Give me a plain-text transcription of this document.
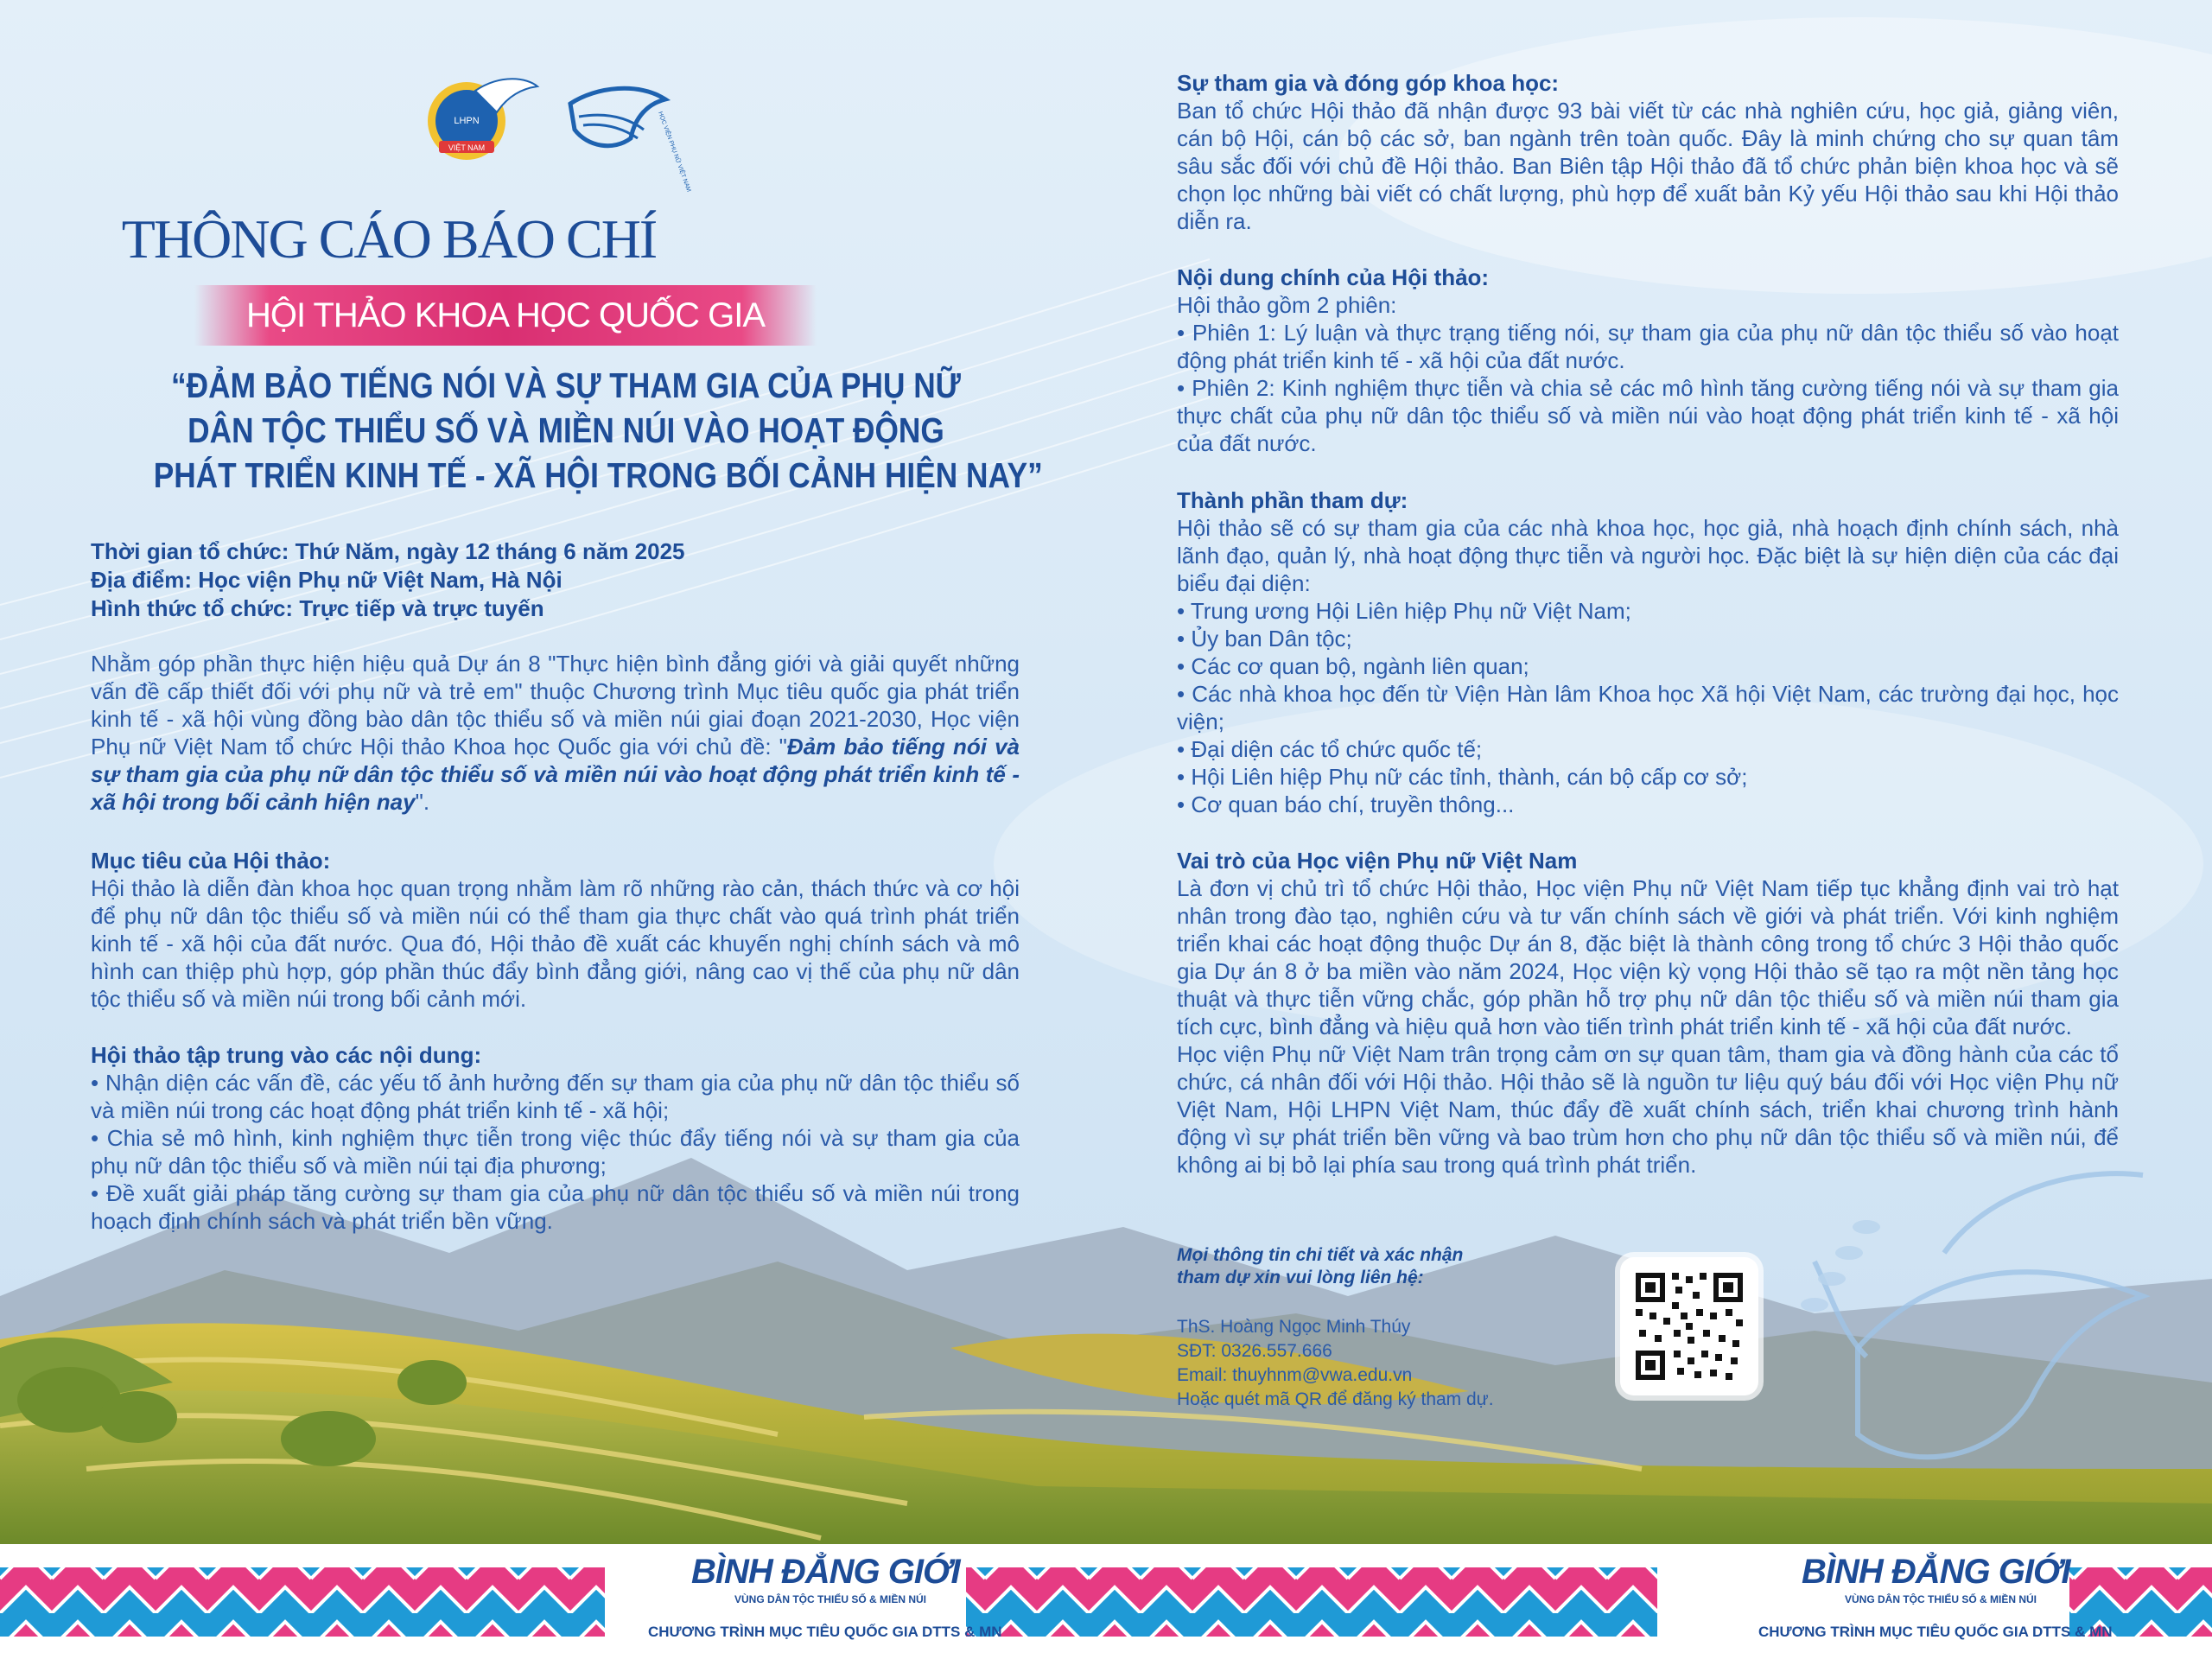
LHPN
VIỆT NAM	HỌC VIỆN PHỤ NỮ VIỆT NAM
THÔNG CÁO BÁO CHÍ
HỘI THẢO KHOA HỌC QUỐC GIA
“ĐẢM BẢO TIẾNG NÓI VÀ SỰ THAM GIA CỦA PHỤ NỮ
DÂN TỘC THIỂU SỐ VÀ MIỀN NÚI VÀO HOẠT ĐỘNG
PHÁT TRIỂN KINH TẾ - XÃ HỘI TRONG BỐI CẢNH HIỆN NAY”
Thời gian tổ chức: Thứ Năm, ngày 12 tháng 6 năm 2025
Địa điểm: Học viện Phụ nữ Việt Nam, Hà Nội
Hình thức tổ chức: Trực tiếp và trực tuyến
Nhằm góp phần thực hiện hiệu quả Dự án 8 "Thực hiện bình đẳng giới và giải quyết những vấn đề cấp thiết đối với phụ nữ và trẻ em" thuộc Chương trình Mục tiêu quốc gia phát triển kinh tế - xã hội vùng đồng bào dân tộc thiểu số và miền núi giai đoạn 2021-2030, Học viện Phụ nữ Việt Nam tổ chức Hội thảo Khoa học Quốc gia với chủ đề: "Đảm bảo tiếng nói và sự tham gia của phụ nữ dân tộc thiểu số và miền núi vào hoạt động phát triển kinh tế - xã hội trong bối cảnh hiện nay".
Mục tiêu của Hội thảo:
Hội thảo là diễn đàn khoa học quan trọng nhằm làm rõ những rào cản, thách thức và cơ hội để phụ nữ dân tộc thiểu số và miền núi có thể tham gia thực chất vào quá trình phát triển kinh tế - xã hội của đất nước. Qua đó, Hội thảo đề xuất các khuyến nghị chính sách và mô hình can thiệp phù hợp, góp phần thúc đẩy bình đẳng giới, nâng cao vị thế của phụ nữ dân tộc thiểu số và miền núi trong bối cảnh mới.
Hội thảo tập trung vào các nội dung:
• Nhận diện các vấn đề, các yếu tố ảnh hưởng đến sự tham gia của phụ nữ dân tộc thiểu số và miền núi trong các hoạt động phát triển kinh tế - xã hội;
• Chia sẻ mô hình, kinh nghiệm thực tiễn trong việc thúc đẩy tiếng nói và sự tham gia của phụ nữ dân tộc thiểu số và miền núi tại địa phương;
• Đề xuất giải pháp tăng cường sự tham gia của phụ nữ dân tộc thiểu số và miền núi trong hoạch định chính sách và phát triển bền vững.
Sự tham gia và đóng góp khoa học:
Ban tổ chức Hội thảo đã nhận được 93 bài viết từ các nhà nghiên cứu, học giả, giảng viên, cán bộ Hội, cán bộ các sở, ban ngành trên toàn quốc. Đây là minh chứng cho sự quan tâm sâu sắc đối với chủ đề Hội thảo. Ban Biên tập Hội thảo đã tổ chức phản biện khoa học và sẽ chọn lọc những bài viết có chất lượng, phù hợp để xuất bản Kỷ yếu Hội thảo sau khi Hội thảo diễn ra.
Nội dung chính của Hội thảo:
Hội thảo gồm 2 phiên:
• Phiên 1: Lý luận và thực trạng tiếng nói, sự tham gia của phụ nữ dân tộc thiểu số vào hoạt động phát triển kinh tế - xã hội của đất nước.
• Phiên 2: Kinh nghiệm thực tiễn và chia sẻ các mô hình tăng cường tiếng nói và sự tham gia thực chất của phụ nữ dân tộc thiểu số và miền núi vào hoạt động phát triển kinh tế - xã hội của đất nước.
Thành phần tham dự:
Hội thảo sẽ có sự tham gia của các nhà khoa học, học giả, nhà hoạch định chính sách, nhà lãnh đạo, quản lý, nhà hoạt động thực tiễn và người học. Đặc biệt là sự hiện diện của các đại biểu đại diện:
• Trung ương Hội Liên hiệp Phụ nữ Việt Nam;
• Ủy ban Dân tộc;
• Các cơ quan bộ, ngành liên quan;
• Các nhà khoa học đến từ Viện Hàn lâm Khoa học Xã hội Việt Nam, các trường đại học, học viện;
• Đại diện các tổ chức quốc tế;
• Hội Liên hiệp Phụ nữ các tỉnh, thành, cán bộ cấp cơ sở;
• Cơ quan báo chí, truyền thông...
Vai trò của Học viện Phụ nữ Việt Nam
Là đơn vị chủ trì tổ chức Hội thảo, Học viện Phụ nữ Việt Nam tiếp tục khẳng định vai trò hạt nhân trong đào tạo, nghiên cứu và tư vấn chính sách về giới và phát triển. Với kinh nghiệm triển khai các hoạt động thuộc Dự án 8, đặc biệt là thành công trong tổ chức 3 Hội thảo quốc gia Dự án 8 ở ba miền vào năm 2024, Học viện kỳ vọng Hội thảo sẽ tạo ra một nền tảng học thuật và thực tiễn vững chắc, góp phần hỗ trợ phụ nữ dân tộc thiểu số và miền núi tham gia tích cực, bình đẳng và hiệu quả hơn vào tiến trình phát triển kinh tế - xã hội của đất nước.
Học viện Phụ nữ Việt Nam trân trọng cảm ơn sự quan tâm, tham gia và đồng hành của các tổ chức, cá nhân đối với Hội thảo. Hội thảo sẽ là nguồn tư liệu quý báu đối với Học viện Phụ nữ Việt Nam, Hội LHPN Việt Nam, thúc đẩy đề xuất chính sách, triển khai chương trình hành động vì sự phát triển bền vững và bao trùm hơn cho phụ nữ dân tộc thiểu số và miền núi, để không ai bị bỏ lại phía sau trong quá trình phát triển.
Mọi thông tin chi tiết và xác nhận
tham dự xin vui lòng liên hệ:
ThS. Hoàng Ngọc Minh Thúy
SĐT: 0326.557.666
Email: thuyhnm@vwa.edu.vn
Hoặc quét mã QR để đăng ký tham dự.
BÌNH ĐẲNG GIỚI
VÙNG DÂN TỘC THIỂU SỐ & MIỀN NÚI
CHƯƠNG TRÌNH MỤC TIÊU QUỐC GIA DTTS & MN
BÌNH ĐẲNG GIỚI
VÙNG DÂN TỘC THIỂU SỐ & MIỀN NÚI
CHƯƠNG TRÌNH MỤC TIÊU QUỐC GIA DTTS & MN
